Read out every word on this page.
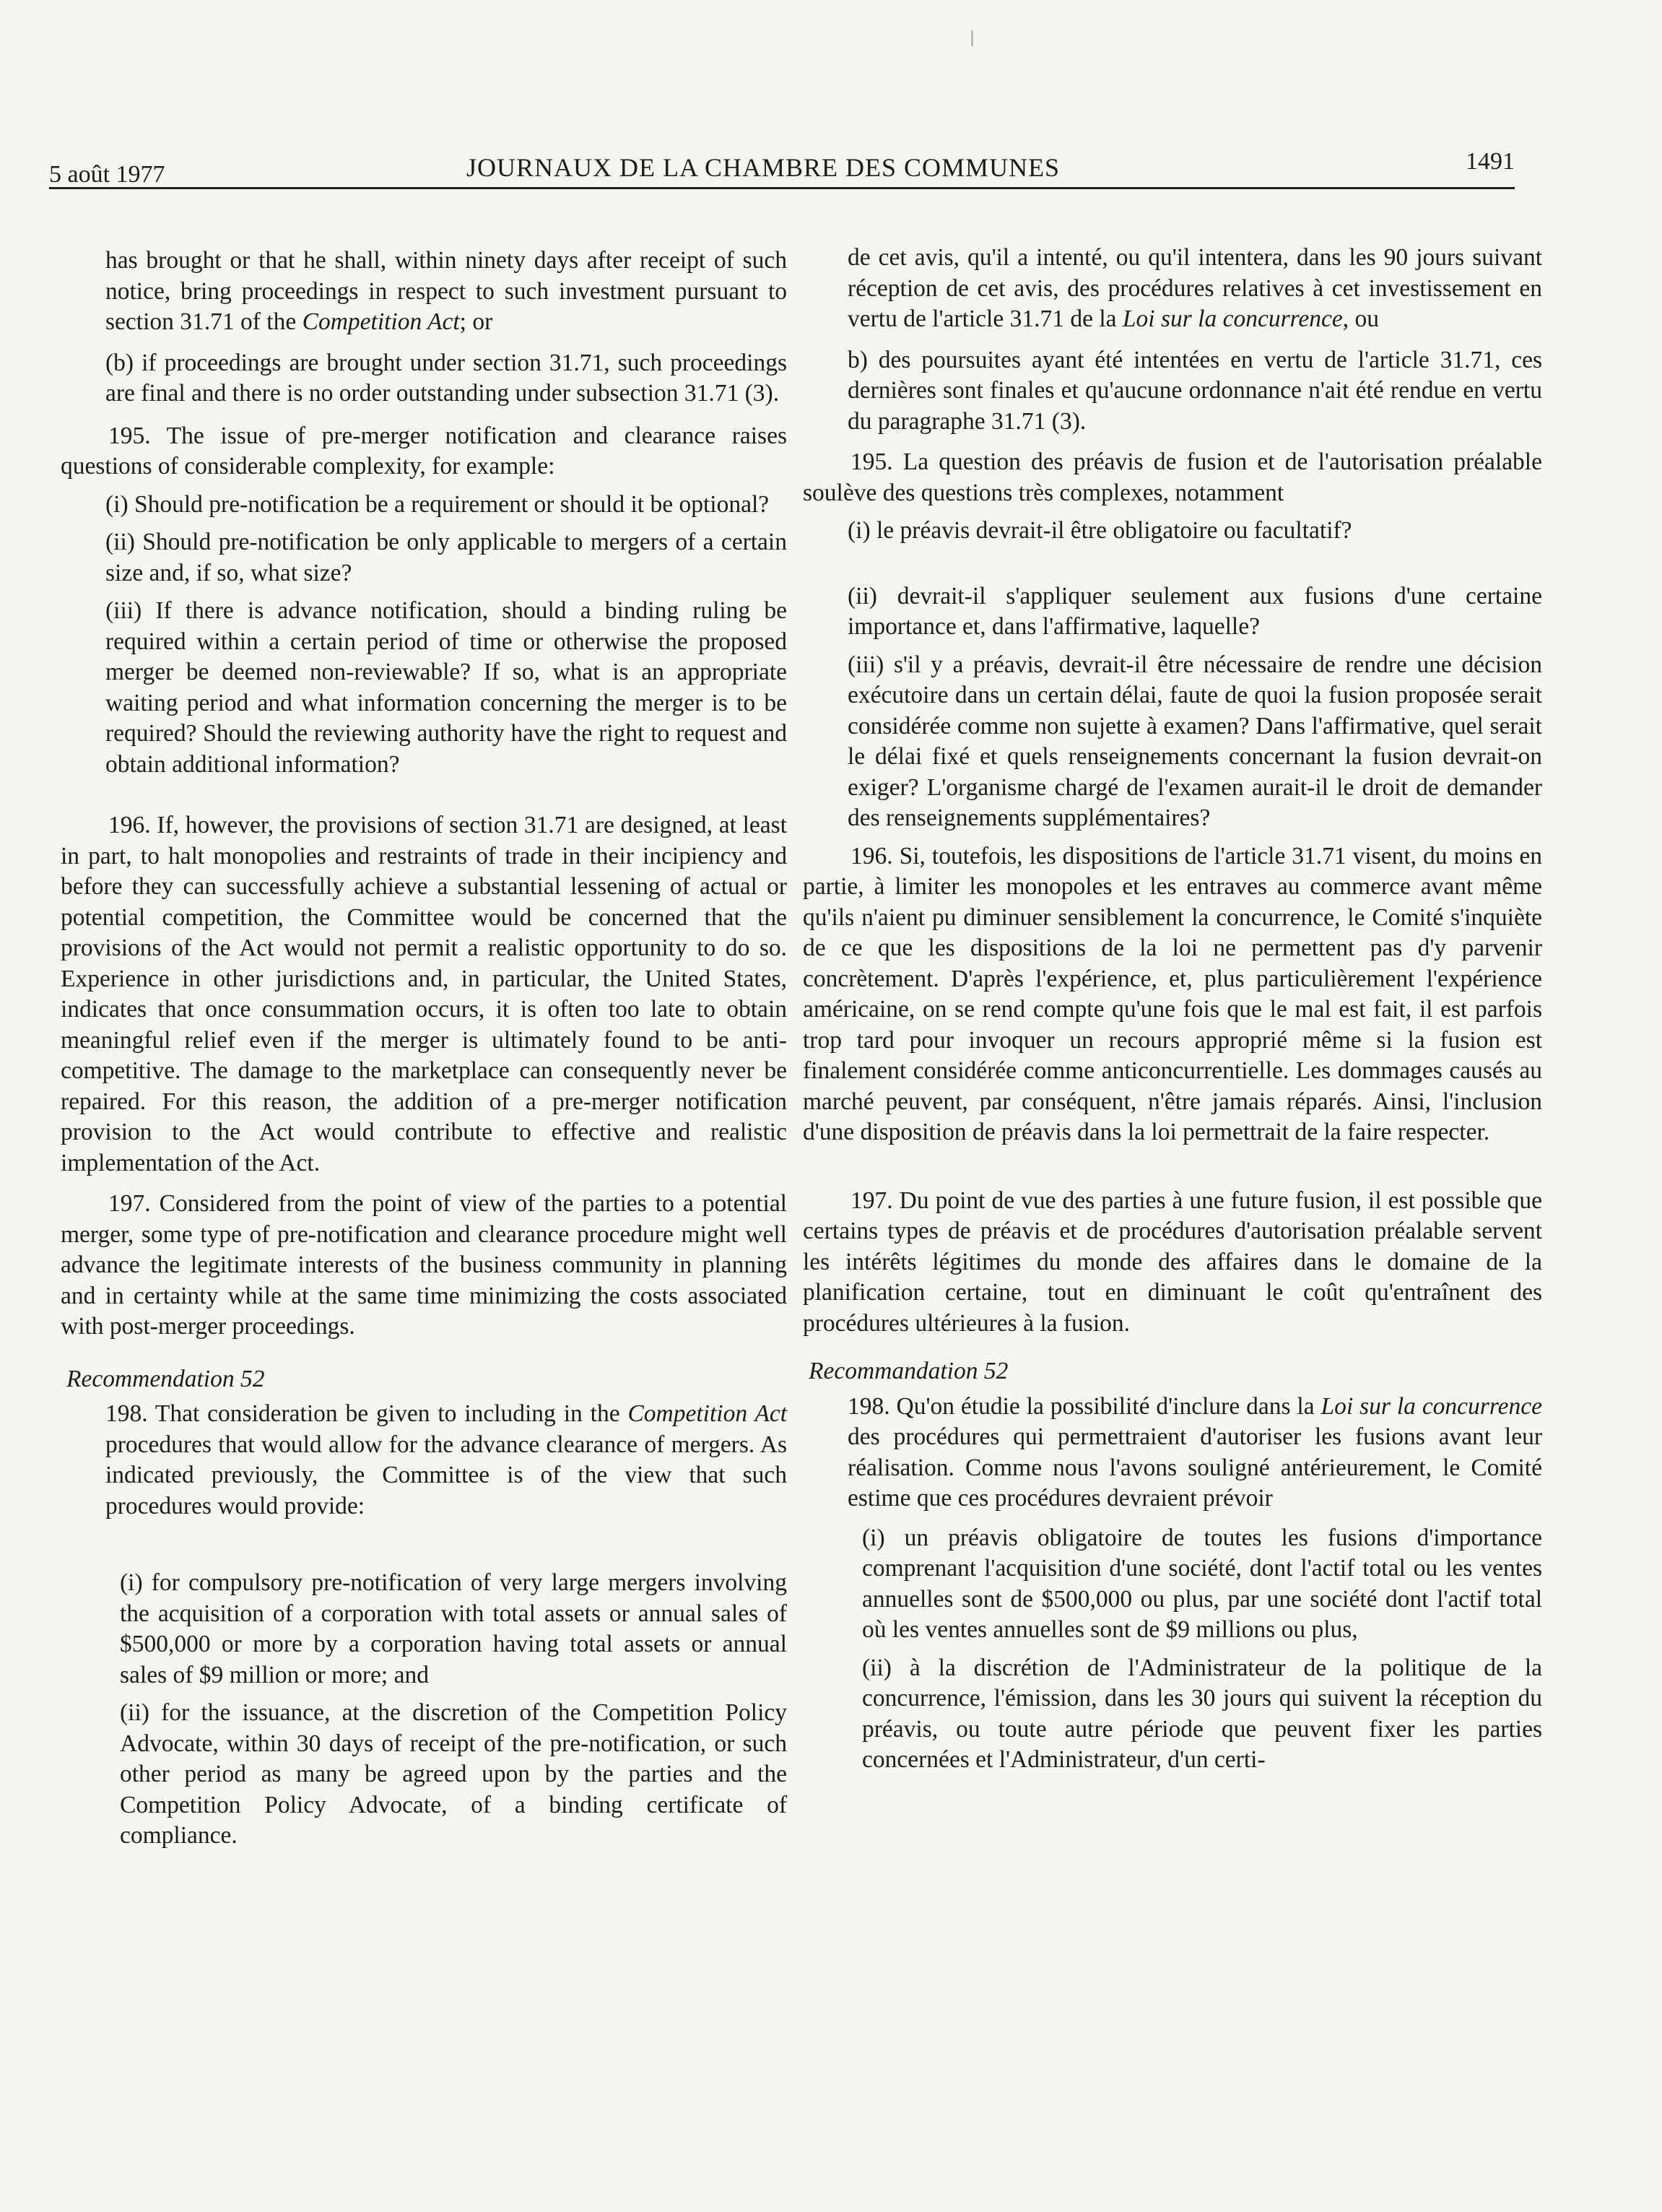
5 août 1977	JOURNAUX DE LA CHAMBRE DES COMMUNES	1491

has brought or that he shall, within ninety days after receipt of such notice, bring proceedings in respect to such investment pursuant to section 31.71 of the Competition Act; or

(b) if proceedings are brought under section 31.71, such proceedings are final and there is no order outstanding under subsection 31.71 (3).

195. The issue of pre-merger notification and clearance raises questions of considerable complexity, for example:

(i) Should pre-notification be a requirement or should it be optional?

(ii) Should pre-notification be only applicable to mergers of a certain size and, if so, what size?

(iii) If there is advance notification, should a binding ruling be required within a certain period of time or otherwise the proposed merger be deemed non-reviewable? If so, what is an appropriate waiting period and what information concerning the merger is to be required? Should the reviewing authority have the right to request and obtain additional information?

196. If, however, the provisions of section 31.71 are designed, at least in part, to halt monopolies and restraints of trade in their incipiency and before they can successfully achieve a substantial lessening of actual or potential competition, the Committee would be concerned that the provisions of the Act would not permit a realistic opportunity to do so. Experience in other jurisdictions and, in particular, the United States, indicates that once consummation occurs, it is often too late to obtain meaningful relief even if the merger is ultimately found to be anti-competitive. The damage to the marketplace can consequently never be repaired. For this reason, the addition of a pre-merger notification provision to the Act would contribute to effective and realistic implementation of the Act.

197. Considered from the point of view of the parties to a potential merger, some type of pre-notification and clearance procedure might well advance the legitimate interests of the business community in planning and in certainty while at the same time minimizing the costs associated with post-merger proceedings.

Recommendation 52

198. That consideration be given to including in the Competition Act procedures that would allow for the advance clearance of mergers. As indicated previously, the Committee is of the view that such procedures would provide:

(i) for compulsory pre-notification of very large mergers involving the acquisition of a corporation with total assets or annual sales of $500,000 or more by a corporation having total assets or annual sales of $9 million or more; and

(ii) for the issuance, at the discretion of the Competition Policy Advocate, within 30 days of receipt of the pre-notification, or such other period as many be agreed upon by the parties and the Competition Policy Advocate, of a binding certificate of compliance.

de cet avis, qu'il a intenté, ou qu'il intentera, dans les 90 jours suivant réception de cet avis, des procédures relatives à cet investissement en vertu de l'article 31.71 de la Loi sur la concurrence, ou

b) des poursuites ayant été intentées en vertu de l'article 31.71, ces dernières sont finales et qu'aucune ordonnance n'ait été rendue en vertu du paragraphe 31.71 (3).

195. La question des préavis de fusion et de l'autorisation préalable soulève des questions très complexes, notamment

(i) le préavis devrait-il être obligatoire ou facultatif?

(ii) devrait-il s'appliquer seulement aux fusions d'une certaine importance et, dans l'affirmative, laquelle?

(iii) s'il y a préavis, devrait-il être nécessaire de rendre une décision exécutoire dans un certain délai, faute de quoi la fusion proposée serait considérée comme non sujette à examen? Dans l'affirmative, quel serait le délai fixé et quels renseignements concernant la fusion devrait-on exiger? L'organisme chargé de l'examen aurait-il le droit de demander des renseignements supplémentaires?

196. Si, toutefois, les dispositions de l'article 31.71 visent, du moins en partie, à limiter les monopoles et les entraves au commerce avant même qu'ils n'aient pu diminuer sensiblement la concurrence, le Comité s'inquiète de ce que les dispositions de la loi ne permettent pas d'y parvenir concrètement. D'après l'expérience, et, plus particulièrement l'expérience américaine, on se rend compte qu'une fois que le mal est fait, il est parfois trop tard pour invoquer un recours approprié même si la fusion est finalement considérée comme anticoncurrentielle. Les dommages causés au marché peuvent, par conséquent, n'être jamais réparés. Ainsi, l'inclusion d'une disposition de préavis dans la loi permettrait de la faire respecter.

197. Du point de vue des parties à une future fusion, il est possible que certains types de préavis et de procédures d'autorisation préalable servent les intérêts légitimes du monde des affaires dans le domaine de la planification certaine, tout en diminuant le coût qu'entraînent des procédures ultérieures à la fusion.

Recommandation 52

198. Qu'on étudie la possibilité d'inclure dans la Loi sur la concurrence des procédures qui permettraient d'autoriser les fusions avant leur réalisation. Comme nous l'avons souligné antérieurement, le Comité estime que ces procédures devraient prévoir

(i) un préavis obligatoire de toutes les fusions d'importance comprenant l'acquisition d'une société, dont l'actif total ou les ventes annuelles sont de $500,000 ou plus, par une société dont l'actif total où les ventes annuelles sont de $9 millions ou plus,

(ii) à la discrétion de l'Administrateur de la politique de la concurrence, l'émission, dans les 30 jours qui suivent la réception du préavis, ou toute autre période que peuvent fixer les parties concernées et l'Administrateur, d'un certi-
